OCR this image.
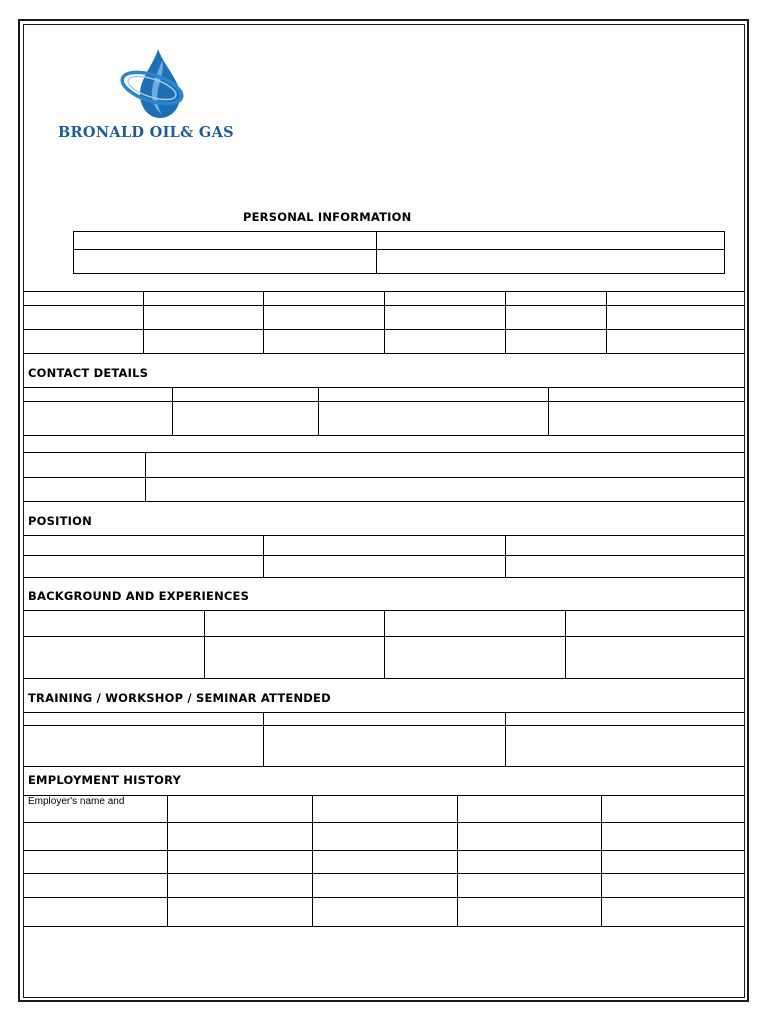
BRONALD OIL& GAS
PERSONAL INFORMATION
CONTACT DETAILS
POSITION
BACKGROUND AND EXPERIENCES
TRAINING / WORKSHOP / SEMINAR ATTENDED
EMPLOYMENT HISTORY
Employer's name and
